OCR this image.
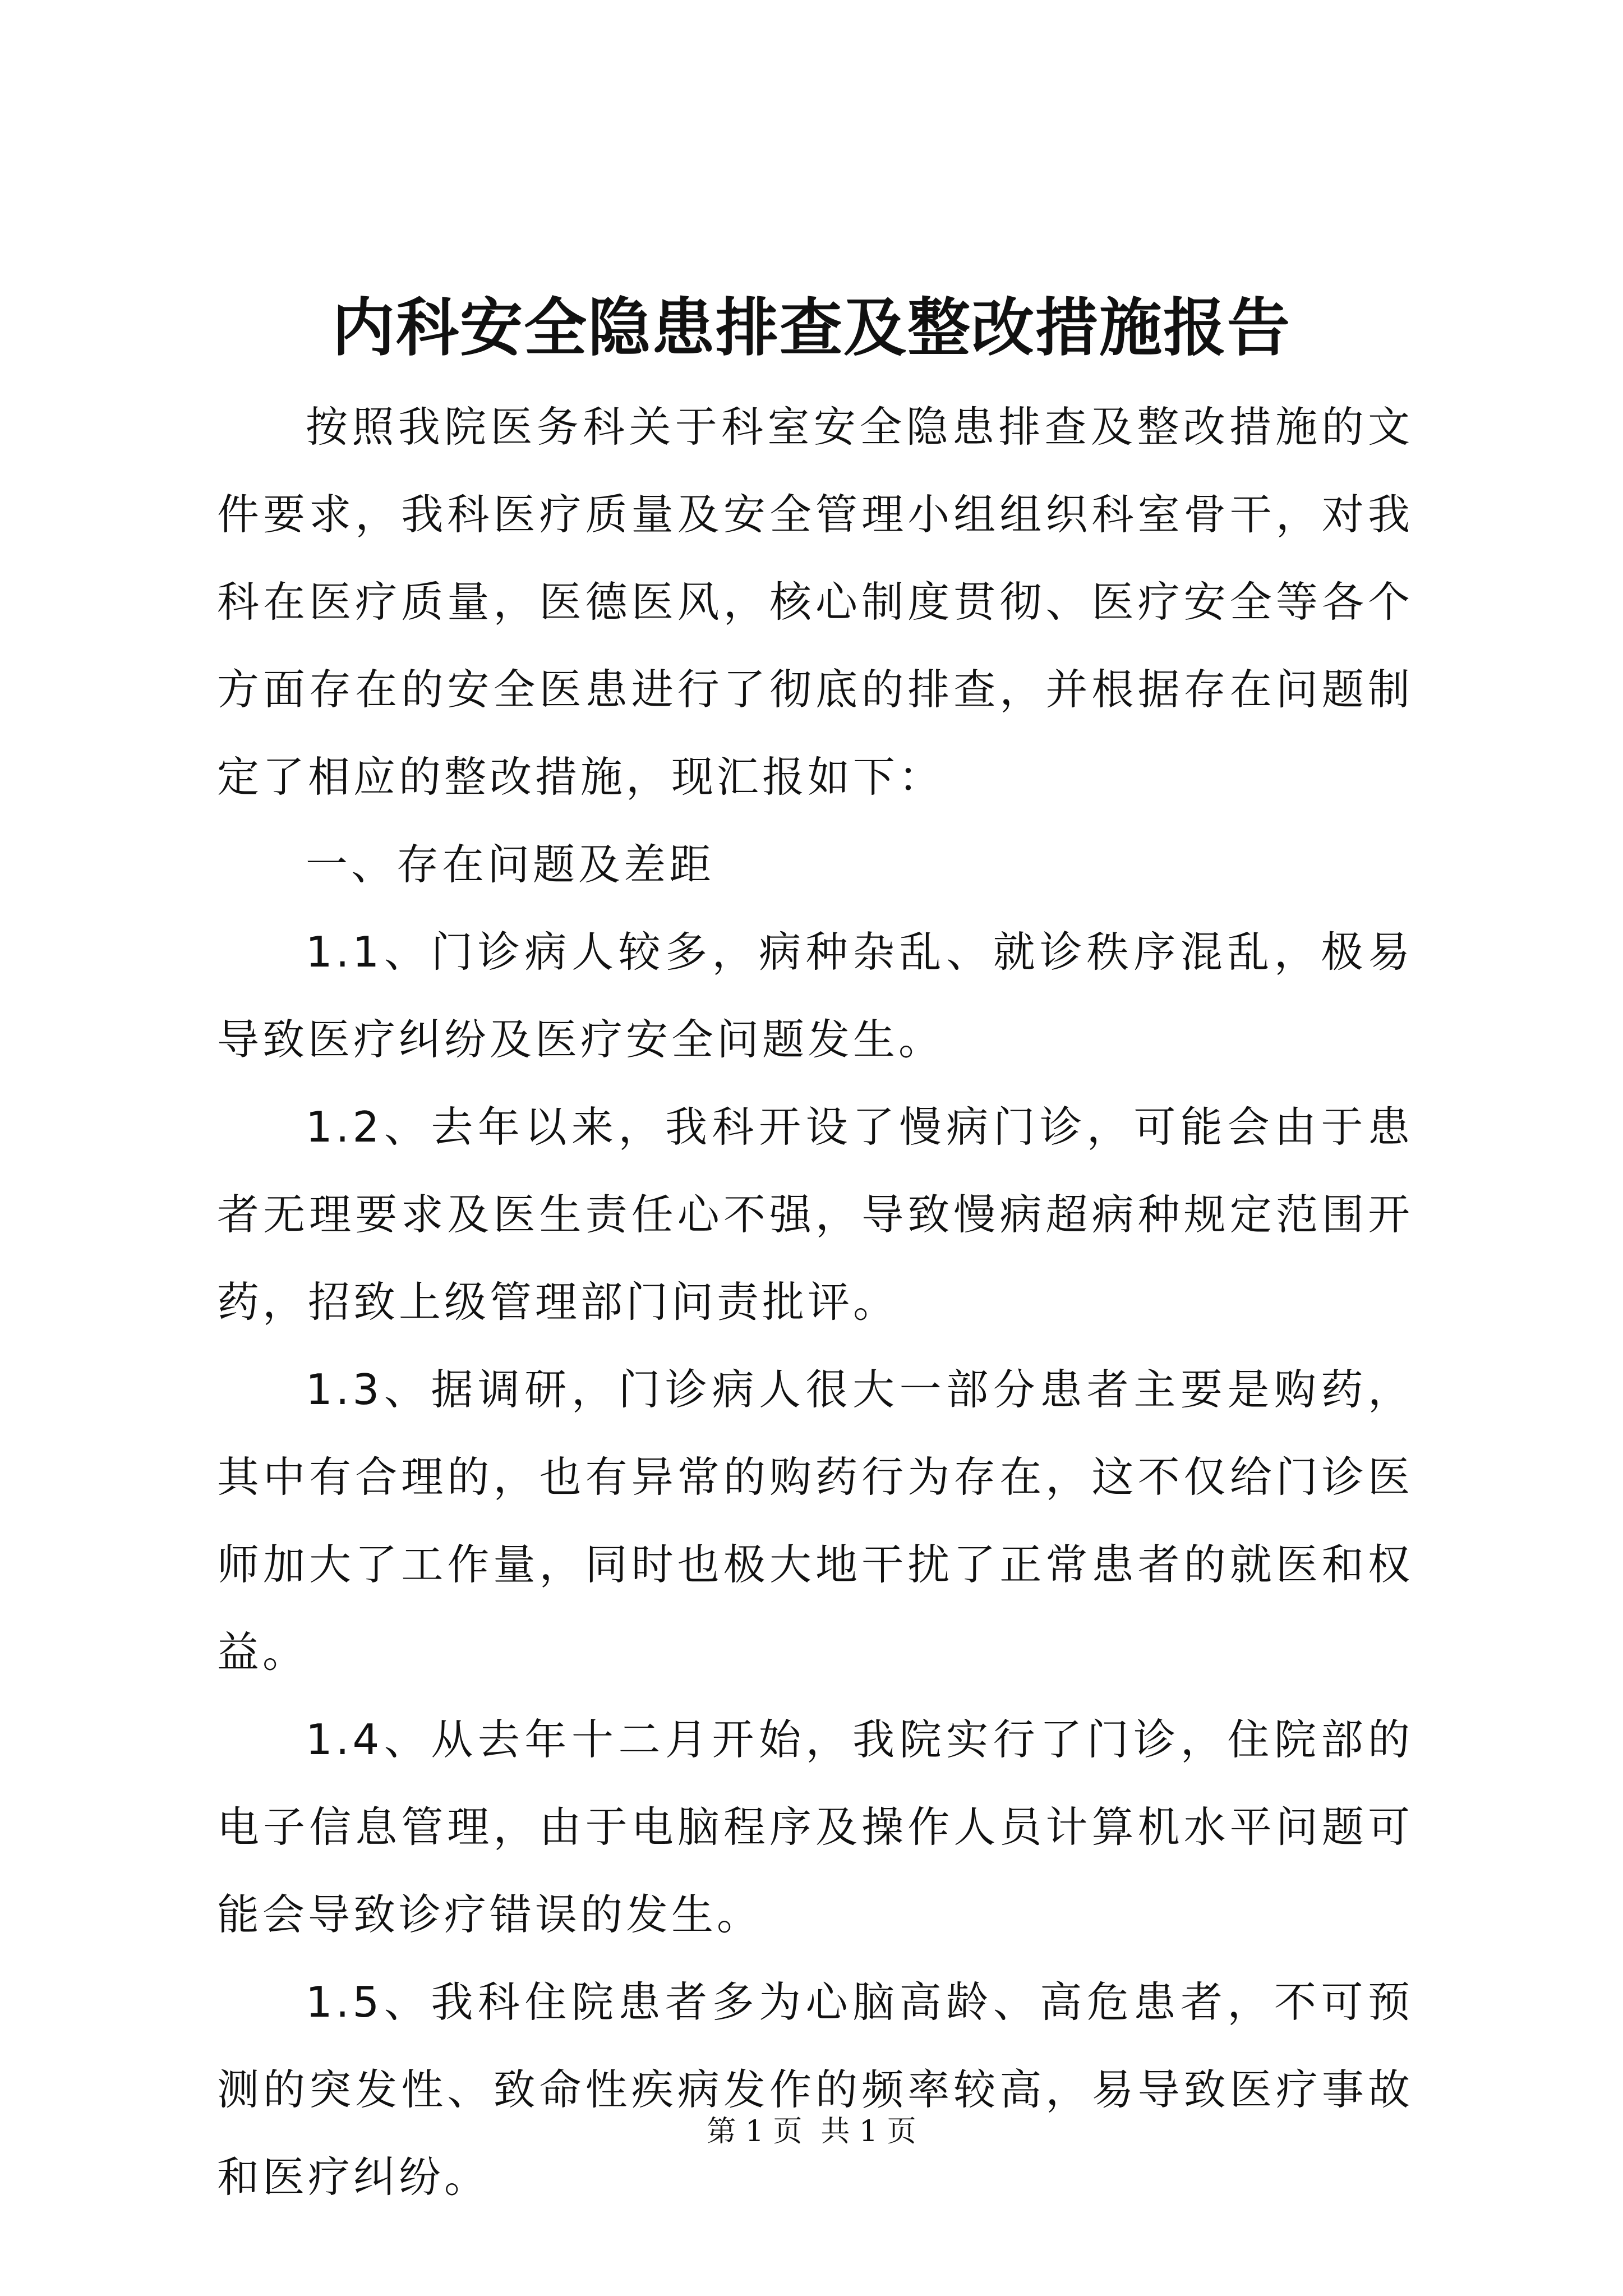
内科安全隐患排查及整改措施报告

按照我院医务科关于科室安全隐患排查及整改措施的文件要求，我科医疗质量及安全管理小组组织科室骨干，对我科在医疗质量，医德医风，核心制度贯彻、医疗安全等各个方面存在的安全医患进行了彻底的排查，并根据存在问题制定了相应的整改措施，现汇报如下：

一、存在问题及差距

1.1、门诊病人较多，病种杂乱、就诊秩序混乱，极易导致医疗纠纷及医疗安全问题发生。

1.2、去年以来，我科开设了慢病门诊，可能会由于患者无理要求及医生责任心不强，导致慢病超病种规定范围开药，招致上级管理部门问责批评。

1.3、据调研，门诊病人很大一部分患者主要是购药，其中有合理的，也有异常的购药行为存在，这不仅给门诊医师加大了工作量，同时也极大地干扰了正常患者的就医和权益。

1.4、从去年十二月开始，我院实行了门诊，住院部的电子信息管理，由于电脑程序及操作人员计算机水平问题可能会导致诊疗错误的发生。

1.5、我科住院患者多为心脑高龄、高危患者，不可预测的突发性、致命性疾病发作的频率较高，易导致医疗事故和医疗纠纷。

第 1 页  共 1 页
